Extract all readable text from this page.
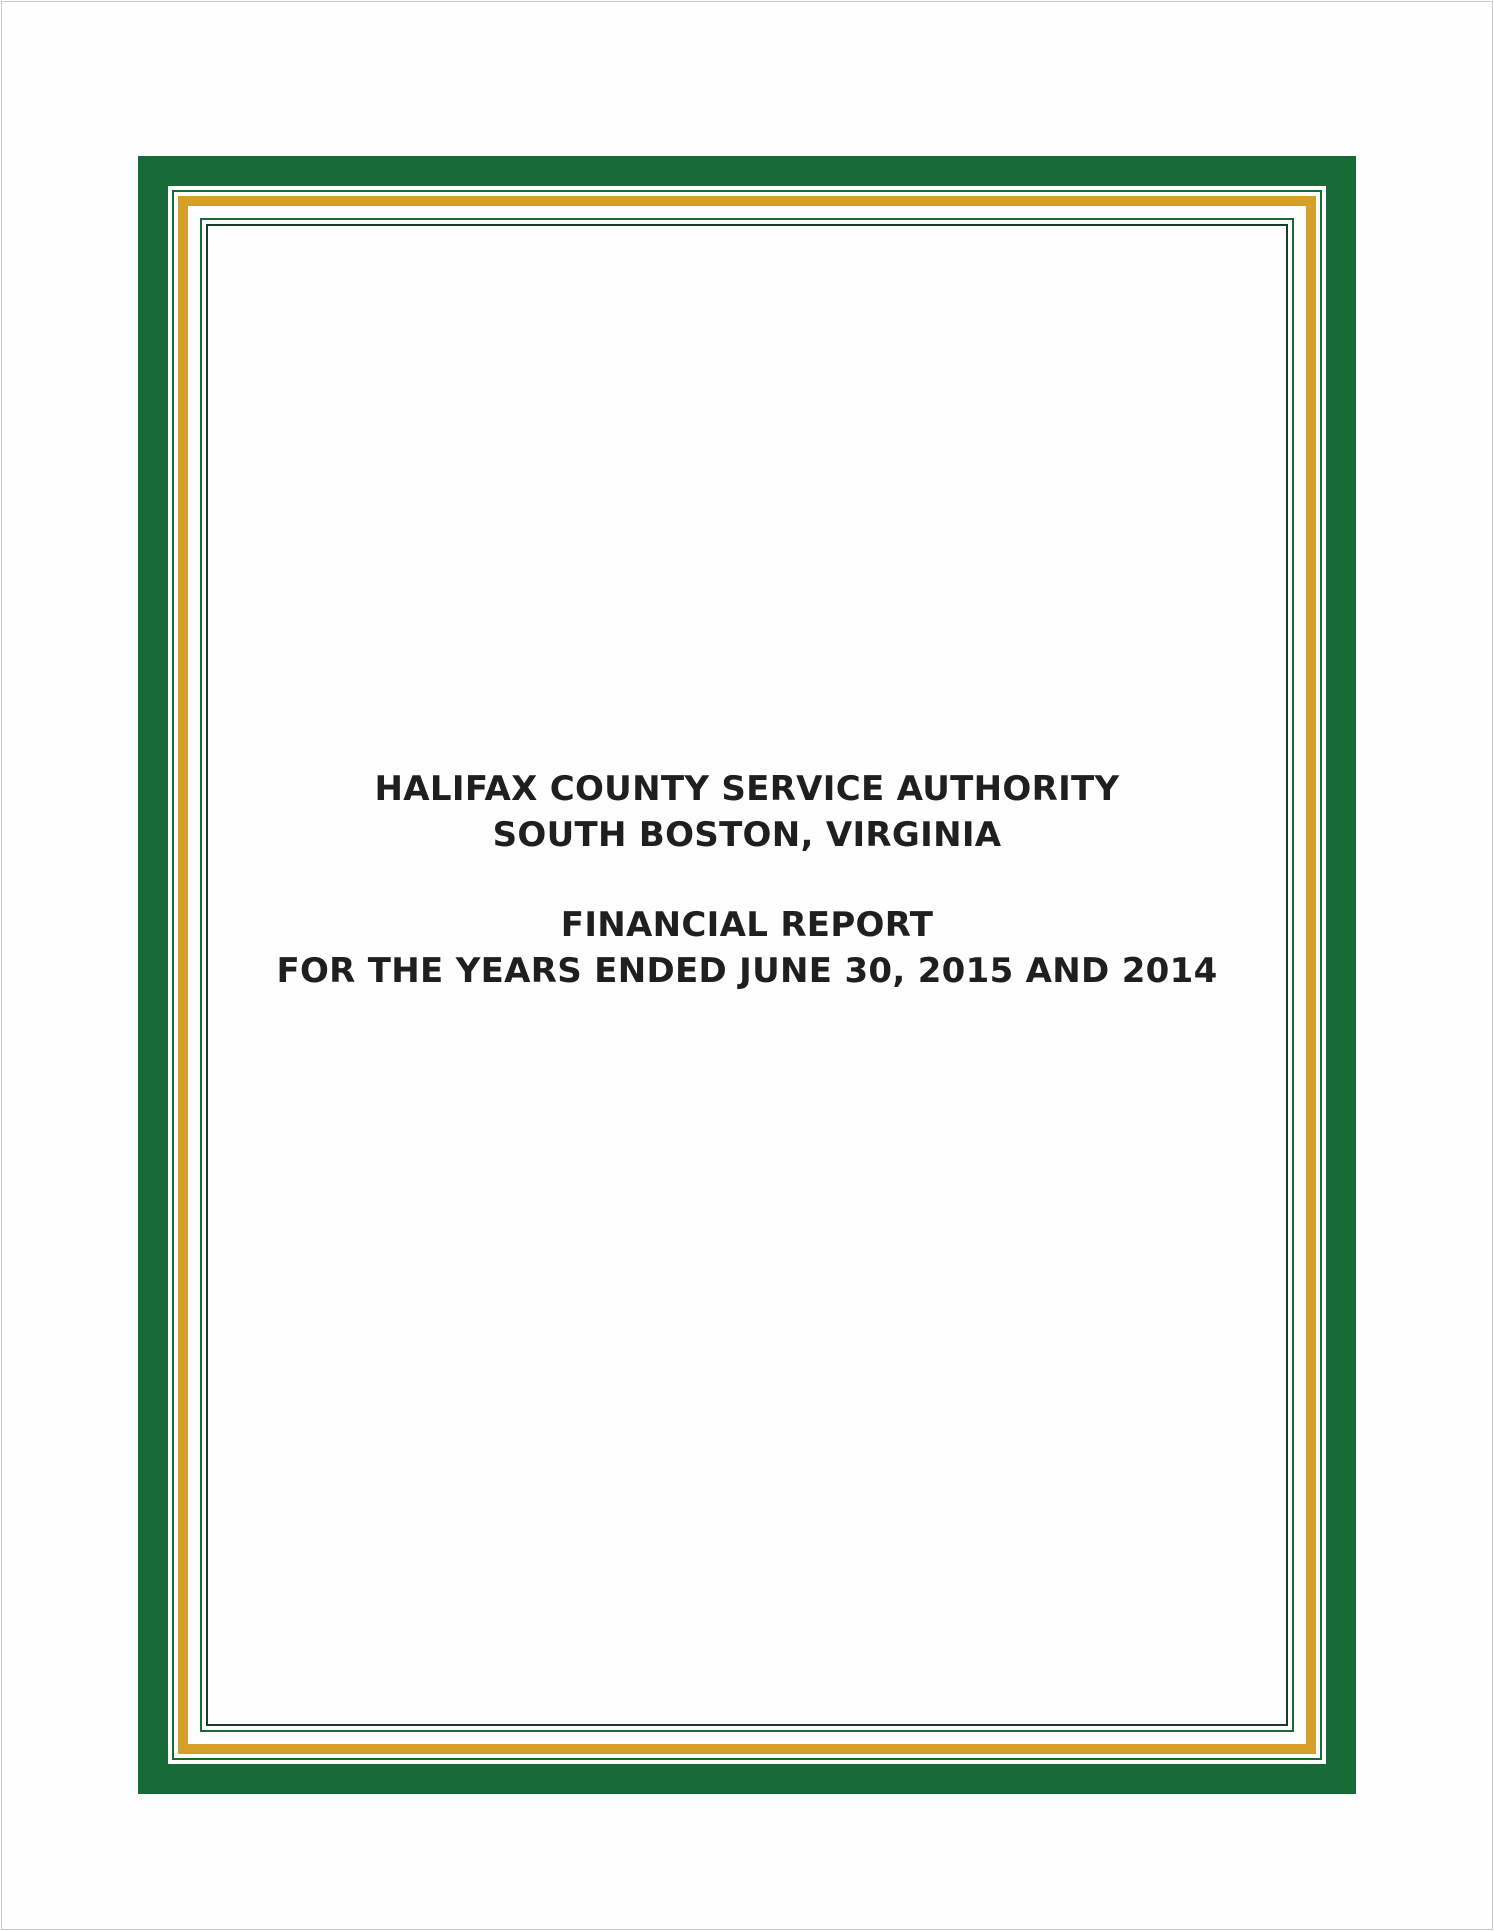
HALIFAX COUNTY SERVICE AUTHORITY
SOUTH BOSTON, VIRGINIA
FINANCIAL REPORT
FOR THE YEARS ENDED JUNE 30, 2015 AND 2014
